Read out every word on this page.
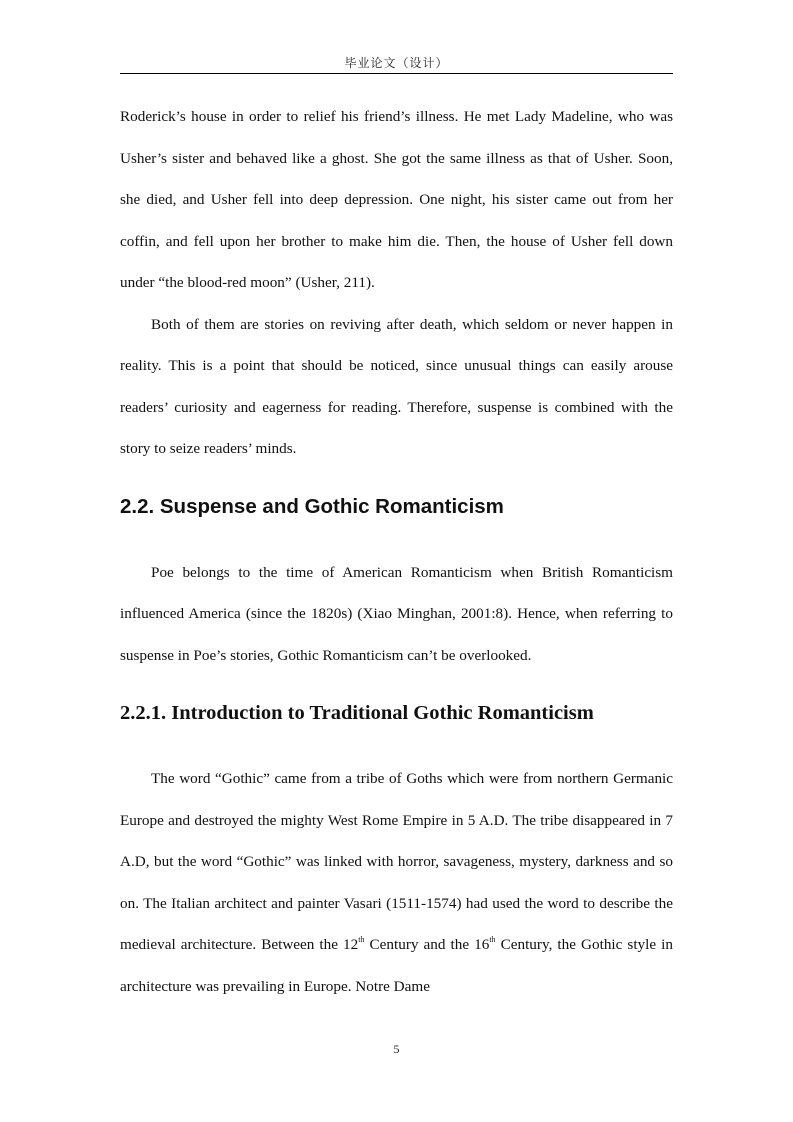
毕业论文（设计）

Roderick’s house in order to relief his friend’s illness. He met Lady Madeline, who was Usher’s sister and behaved like a ghost. She got the same illness as that of Usher. Soon, she died, and Usher fell into deep depression. One night, his sister came out from her coffin, and fell upon her brother to make him die. Then, the house of Usher fell down under “the blood-red moon” (Usher, 211).

Both of them are stories on reviving after death, which seldom or never happen in reality. This is a point that should be noticed, since unusual things can easily arouse readers’ curiosity and eagerness for reading. Therefore, suspense is combined with the story to seize readers’ minds.

2.2. Suspense and Gothic Romanticism

Poe belongs to the time of American Romanticism when British Romanticism influenced America (since the 1820s) (Xiao Minghan, 2001:8). Hence, when referring to suspense in Poe’s stories, Gothic Romanticism can’t be overlooked.

2.2.1. Introduction to Traditional Gothic Romanticism

The word “Gothic” came from a tribe of Goths which were from northern Germanic Europe and destroyed the mighty West Rome Empire in 5 A.D. The tribe disappeared in 7 A.D, but the word “Gothic” was linked with horror, savageness, mystery, darkness and so on. The Italian architect and painter Vasari (1511-1574) had used the word to describe the medieval architecture. Between the 12th Century and the 16th Century, the Gothic style in architecture was prevailing in Europe. Notre Dame

5
